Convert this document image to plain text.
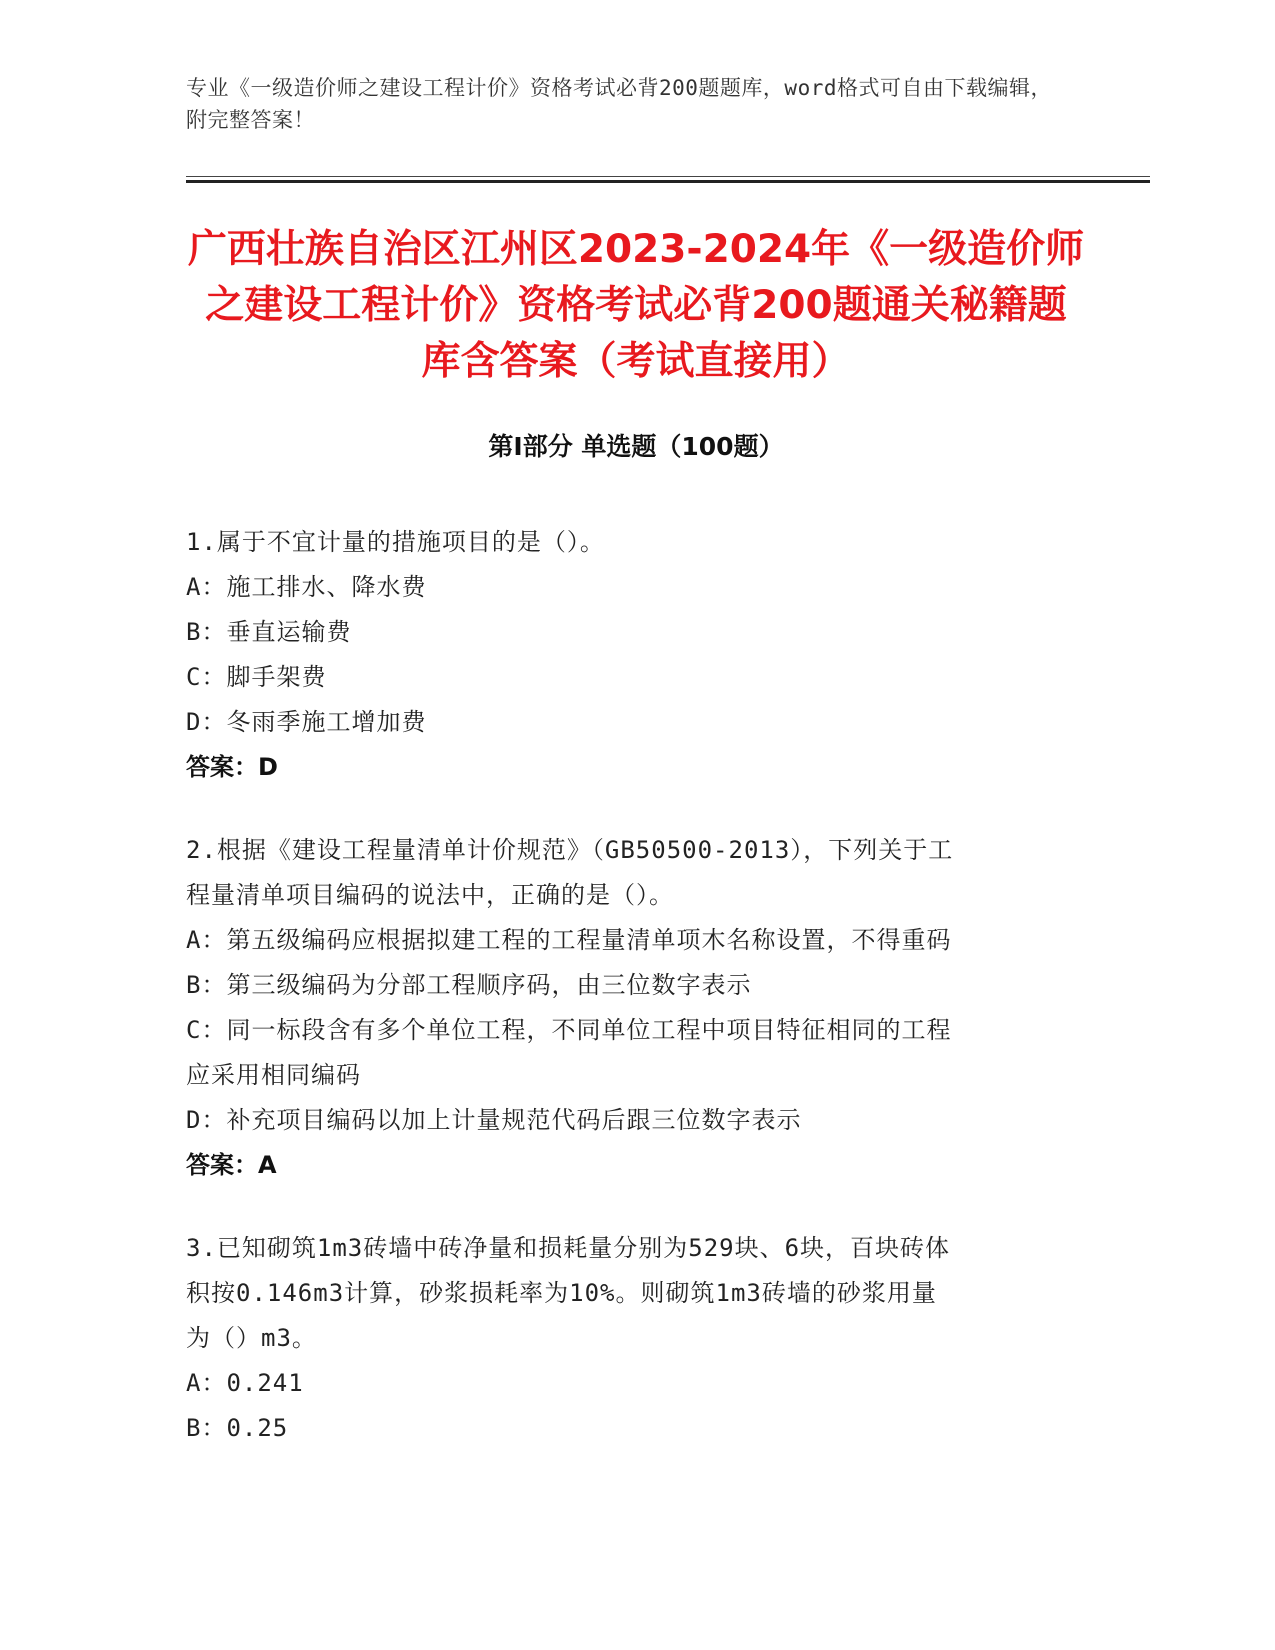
专业《一级造价师之建设工程计价》资格考试必背200题题库，word格式可自由下载编辑，附完整答案！
广西壮族自治区江州区2023-2024年《一级造价师之建设工程计价》资格考试必背200题通关秘籍题库含答案（考试直接用）
第I部分 单选题（100题）
1.属于不宜计量的措施项目的是（）。
A：施工排水、降水费
B：垂直运输费
C：脚手架费
D：冬雨季施工增加费
答案：D
2.根据《建设工程量清单计价规范》（GB50500-2013），下列关于工
程量清单项目编码的说法中，正确的是（）。
A：第五级编码应根据拟建工程的工程量清单项木名称设置，不得重码
B：第三级编码为分部工程顺序码，由三位数字表示
C：同一标段含有多个单位工程，不同单位工程中项目特征相同的工程
应采用相同编码
D：补充项目编码以加上计量规范代码后跟三位数字表示
答案：A
3.已知砌筑1m3砖墙中砖净量和损耗量分别为529块、6块，百块砖体
积按0.146m3计算，砂浆损耗率为10%。则砌筑1m3砖墙的砂浆用量
为（）m3。
A：0.241
B：0.25
